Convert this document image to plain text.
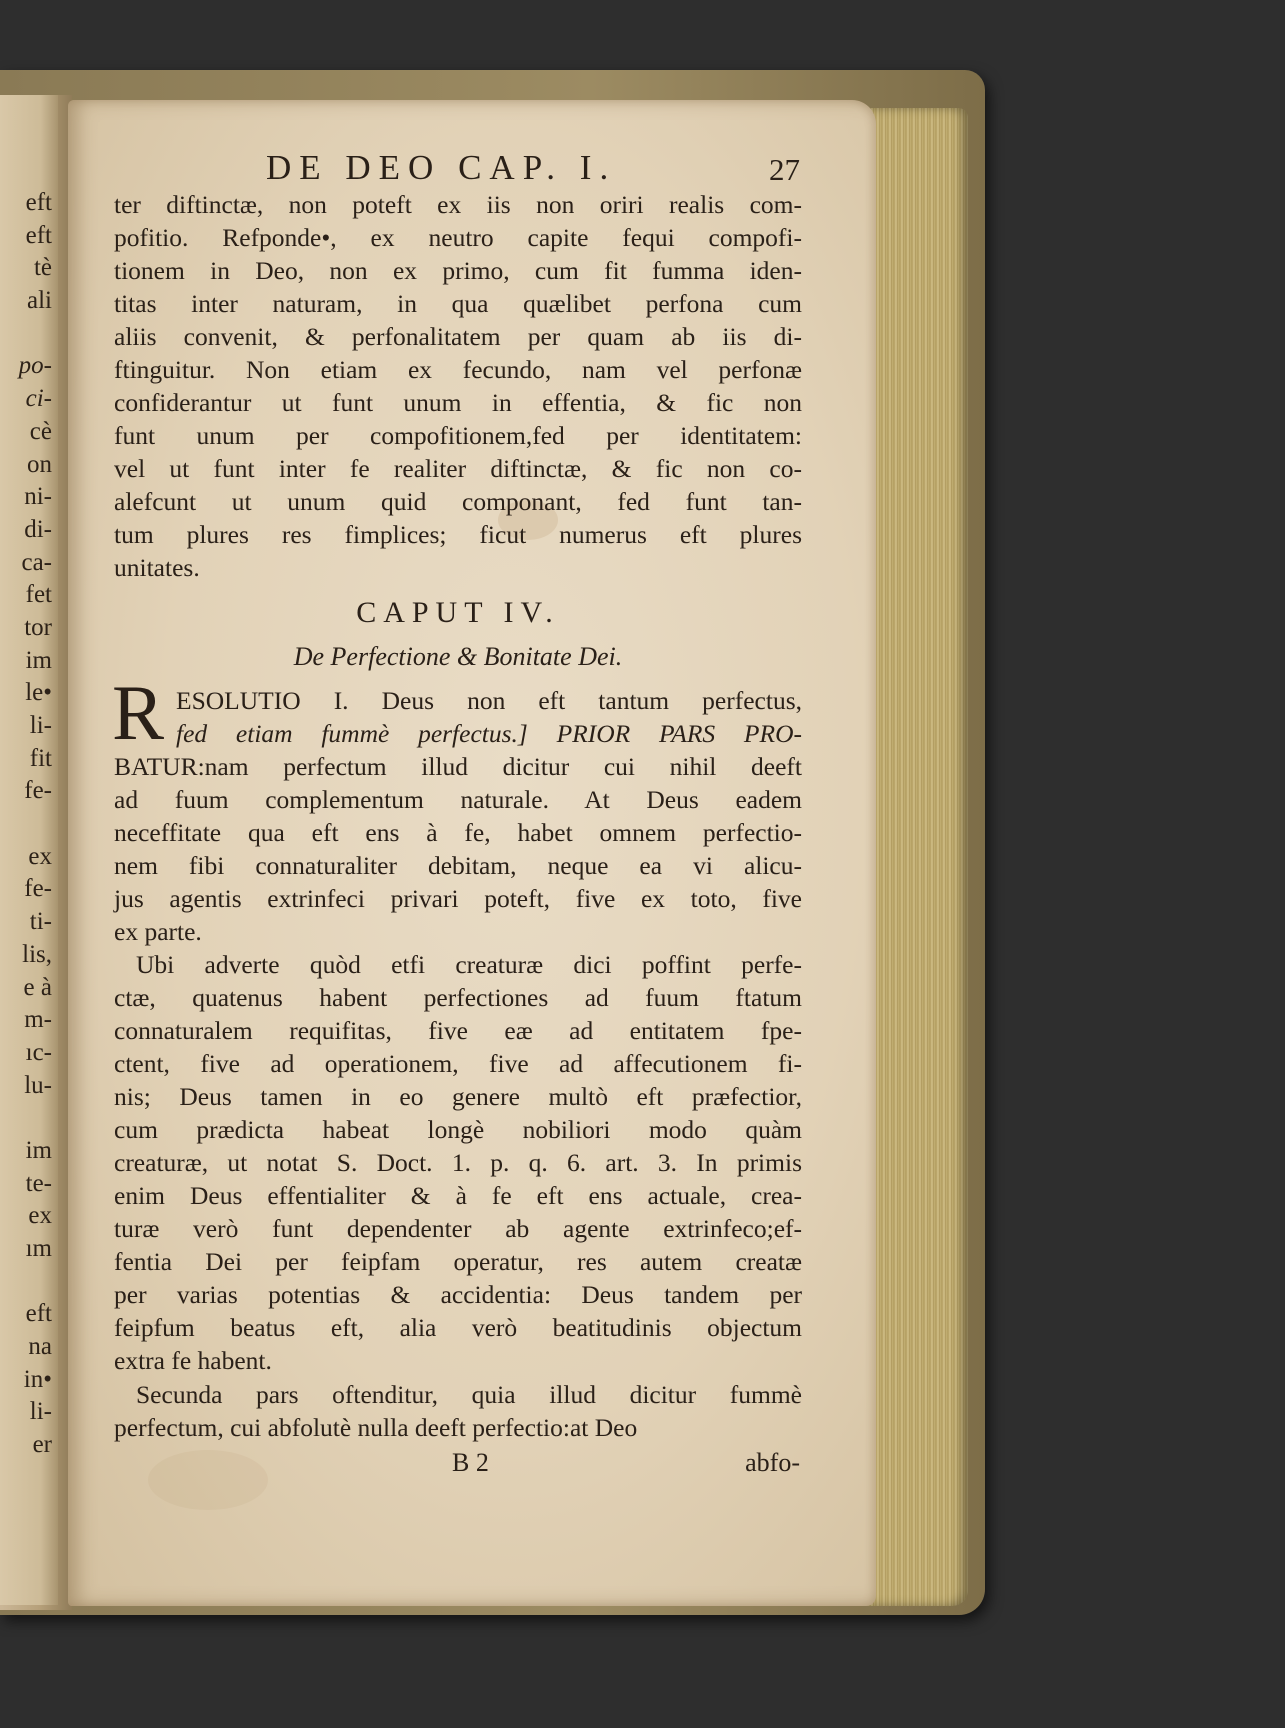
eft
eft
tè
ali
po-
ci-
cè
on
ni-
di-
ca-
fet
tor
im
le•
li-
fit
fe-
ex
fe-
ti-
lis,
e à
m-
ıc-
lu-
im
te-
ex
ım
eft
na
in•
li-
er
DE DEO CAP. I.	27
ter diftinctæ, non poteft ex iis non oriri realis com-
pofitio. Refponde•, ex neutro capite fequi compofi-
tionem in Deo, non ex primo, cum fit fumma iden-
titas inter naturam, in qua quælibet perfona cum
aliis convenit, & perfonalitatem per quam ab iis di-
ftinguitur. Non etiam ex fecundo, nam vel perfonæ
confiderantur ut funt unum in effentia, & fic non
funt unum per compofitionem,fed per identitatem:
vel ut funt inter fe realiter diftinctæ, & fic non co-
alefcunt ut unum quid componant, fed funt tan-
tum plures res fimplices; ficut numerus eft plures
unitates.
CAPUT IV.
De Perfectione & Bonitate Dei.
R ESOLUTIO I. Deus non eft tantum perfectus,
fed etiam fummè perfectus.] PRIOR PARS PRO-
BATUR:nam perfectum illud dicitur cui nihil deeft
ad fuum complementum naturale. At Deus eadem
neceffitate qua eft ens à fe, habet omnem perfectio-
nem fibi connaturaliter debitam, neque ea vi alicu-
jus agentis extrinfeci privari poteft, five ex toto, five
ex parte.
Ubi adverte quòd etfi creaturæ dici poffint perfe-
ctæ, quatenus habent perfectiones ad fuum ftatum
connaturalem requifitas, five eæ ad entitatem fpe-
ctent, five ad operationem, five ad affecutionem fi-
nis; Deus tamen in eo genere multò eft præfectior,
cum prædicta habeat longè nobiliori modo quàm
creaturæ, ut notat S. Doct. 1. p. q. 6. art. 3. In primis
enim Deus effentialiter & à fe eft ens actuale, crea-
turæ verò funt dependenter ab agente extrinfeco;ef-
fentia Dei per feipfam operatur, res autem creatæ
per varias potentias & accidentia: Deus tandem per
feipfum beatus eft, alia verò beatitudinis objectum
extra fe habent.
Secunda pars oftenditur, quia illud dicitur fummè
perfectum, cui abfolutè nulla deeft perfectio:at Deo
B 2	abfo-
